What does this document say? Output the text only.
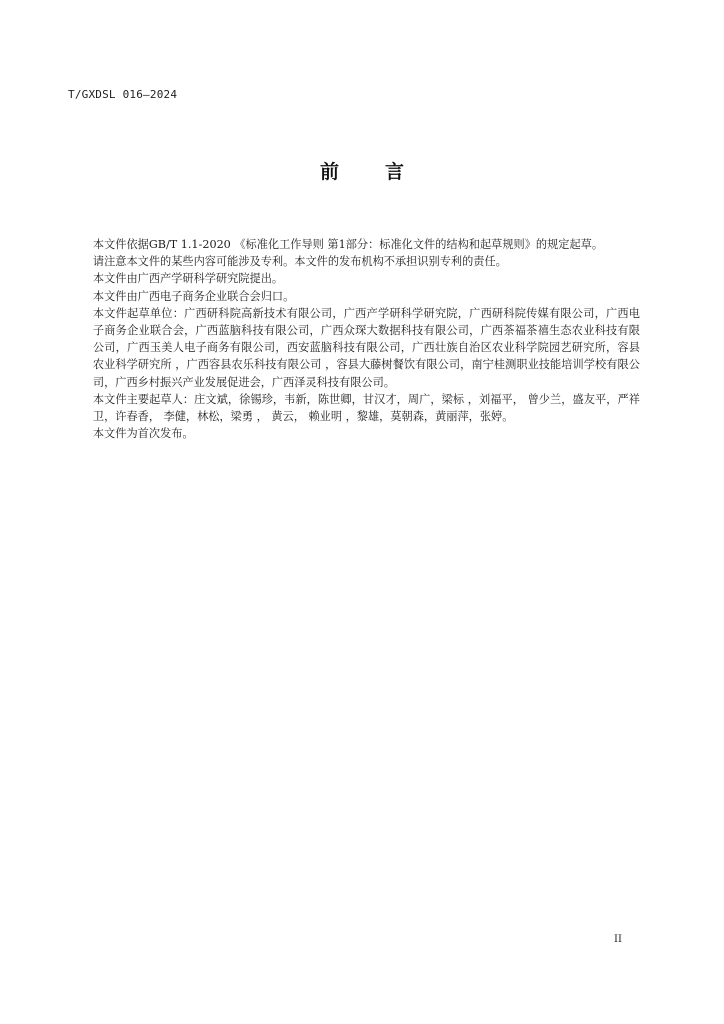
T/GXDSL 016—2024
前 言

本文件依据GB/T 1.1-2020 《标准化工作导则 第1部分：标准化文件的结构和起草规则》的规定起草。

请注意本文件的某些内容可能涉及专利。本文件的发布机构不承担识别专利的责任。

本文件由广西产学研科学研究院提出。

本文件由广西电子商务企业联合会归口。

本文件起草单位：广西研科院高新技术有限公司，广西产学研科学研究院，广西研科院传媒有限公司，广西电子商务企业联合会，广西蓝脑科技有限公司，广西众琛大数据科技有限公司，广西茶福茶禧生态农业科技有限公司，广西玉美人电子商务有限公司，西安蓝脑科技有限公司，广西壮族自治区农业科学院园艺研究所，容县农业科学研究所 ，广西容县农乐科技有限公司 ，容县大藤树餐饮有限公司，南宁桂测职业技能培训学校有限公司，广西乡村振兴产业发展促进会，广西泽灵科技有限公司。

本文件主要起草人：庄文斌，徐锡珍，韦新，陈世卿，甘汉才，周广，梁标 ，刘福平， 曾少兰，盛友平，严祥卫，许春香， 李健，林松，梁勇 ， 黄云， 赖业明 ，黎雄，莫朝森，黄丽萍，张婷。

本文件为首次发布。

II
